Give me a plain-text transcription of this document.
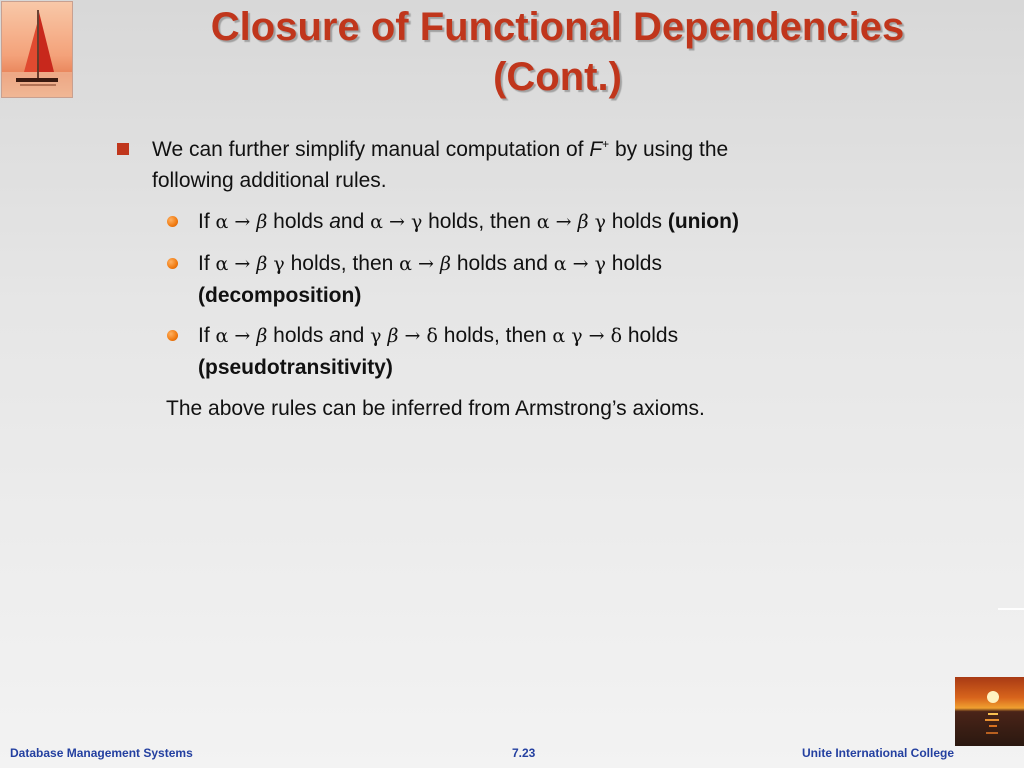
Closure of Functional Dependencies
(Cont.)
We can further simplify manual computation of F+ by using the
following additional rules.
If α → β holds and α → γ holds, then α → β γ holds (union)
If α → β γ holds, then α → β holds and α → γ holds
(decomposition)
If α → β holds and γ β → δ holds, then α γ → δ holds
(pseudotransitivity)
The above rules can be inferred from Armstrong’s axioms.
Database Management Systems	7.23	Unite International College
